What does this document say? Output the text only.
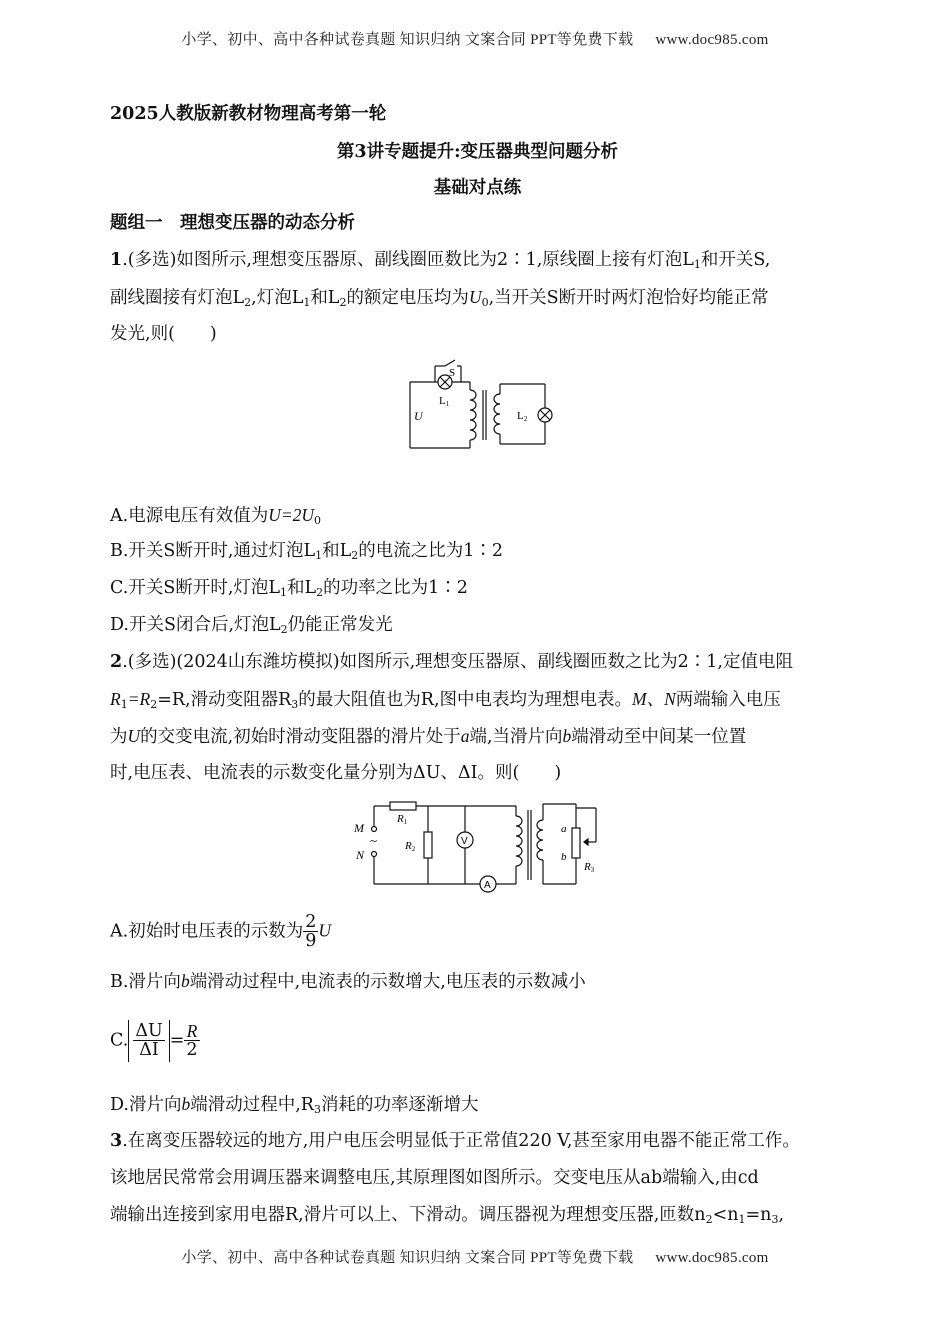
小学、初中、高中各种试卷真题 知识归纳 文案合同 PPT等免费下载 www.doc985.com
2025人教版新教材物理高考第一轮
第3讲专题提升:变压器典型问题分析
基础对点练
题组一　理想变压器的动态分析
1.(多选)如图所示,理想变压器原、副线圈匝数比为2∶1,原线圈上接有灯泡$L_1$和开关S,
副线圈接有灯泡$L_2$,灯泡$L_1$和$L_2$的额定电压均为$U_0$,当开关S断开时两灯泡恰好均能正常
发光,则(　　)
S
L1
U	L2
A.电源电压有效值为$U=2U_0$
B.开关S断开时,通过灯泡$L_1$和$L_2$的电流之比为1∶2
C.开关S断开时,灯泡$L_1$和$L_2$的功率之比为1∶2
D.开关S闭合后,灯泡$L_2$仍能正常发光
2.(多选)(2024山东潍坊模拟)如图所示,理想变压器原、副线圈匝数之比为2∶1,定值电阻
$R_1=R_2=R$,滑动变阻器$R_3$的最大阻值也为R,图中电表均为理想电表。M、N两端输入电压
为U的交变电流,初始时滑动变阻器的滑片处于a端,当滑片向b端滑动至中间某一位置
时,电压表、电流表的示数变化量分别为ΔU、ΔI。则(　　)
R1
M
~
N
R2
V
A
a
b
R3
A.初始时电压表的示数为 $\frac{2}{9}$ U
B.滑片向b端滑动过程中,电流表的示数增大,电压表的示数减小
C. $\frac{\Delta U}{\Delta I} = \frac{R}{2}$
D.滑片向b端滑动过程中$,R_3$消耗的功率逐渐增大
3.在离变压器较远的地方,用户电压会明显低于正常值220 V,甚至家用电器不能正常工作。
该地居民常常会用调压器来调整电压,其原理图如图所示。交变电压从ab端输入,由cd
端输出连接到家用电器R,滑片可以上、下滑动。调压器视为理想变压器,匝数$n_2<n_1=n_3$,
小学、初中、高中各种试卷真题 知识归纳 文案合同 PPT等免费下载 www.doc985.com
